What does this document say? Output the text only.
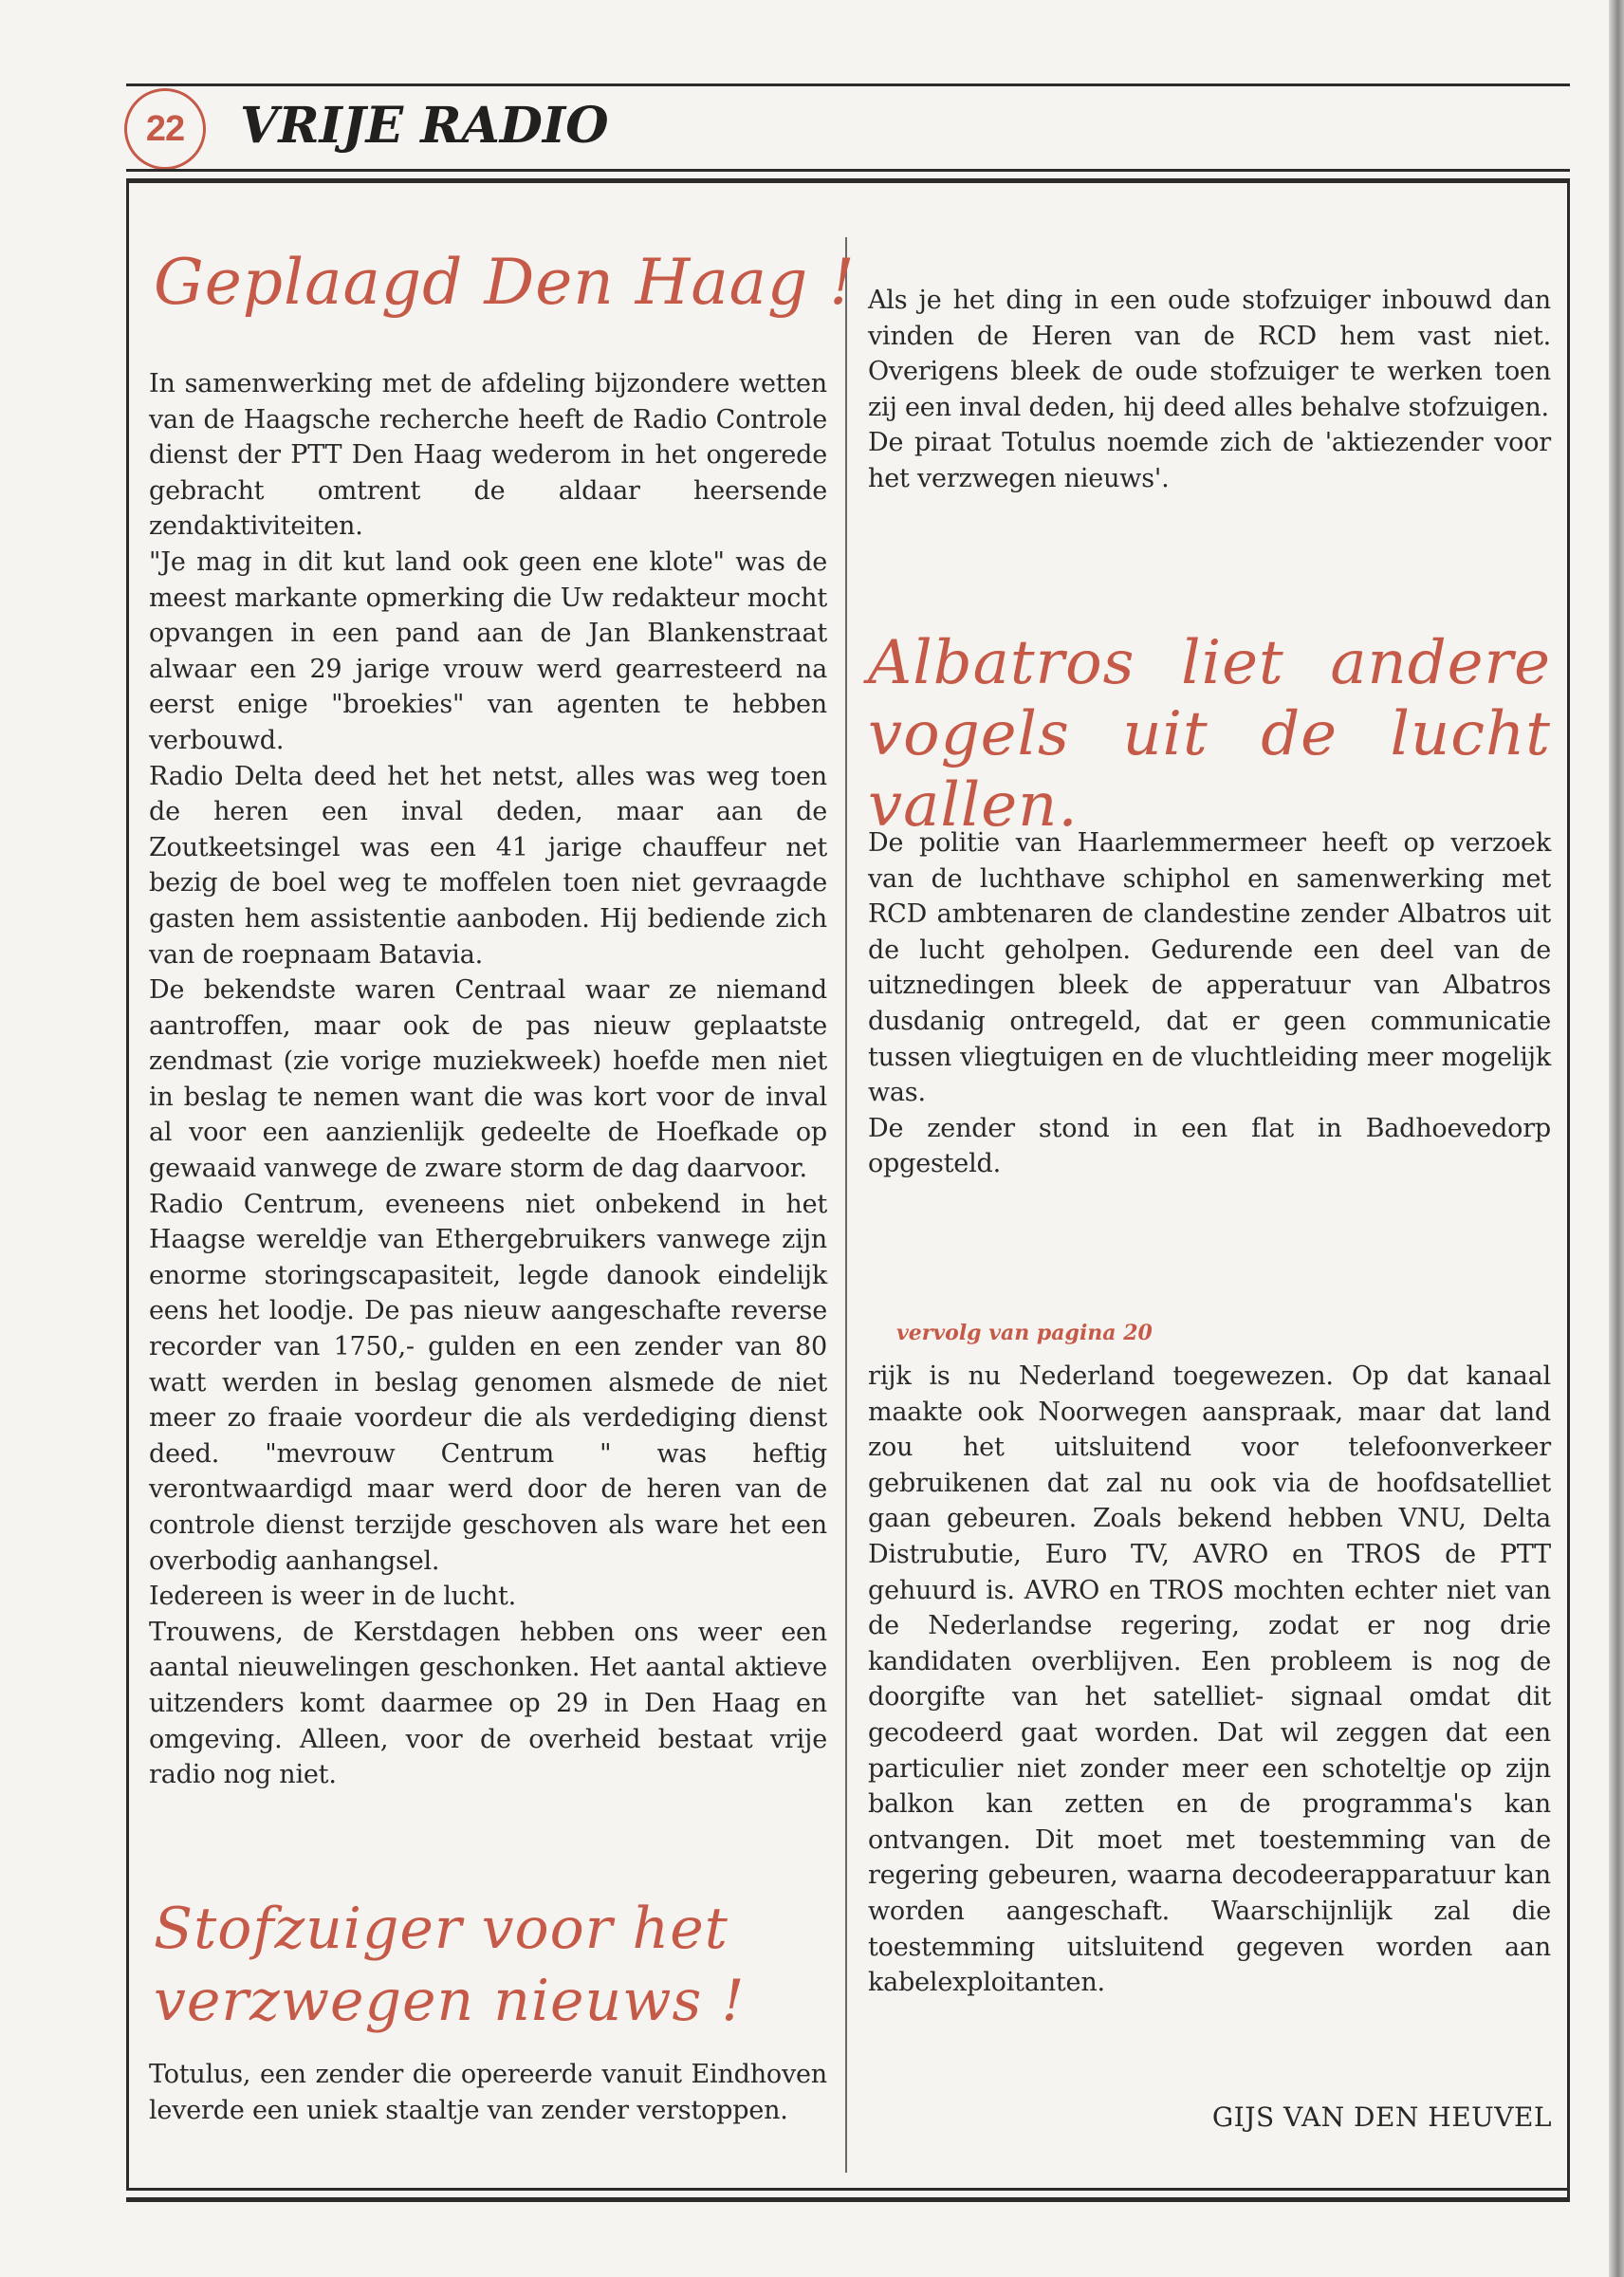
22	VRIJE RADIO
Geplaagd Den Haag !

In samenwerking met de afdeling bijzondere wetten van de Haagsche recherche heeft de Radio Controle dienst der PTT Den Haag wederom in het ongerede gebracht omtrent de aldaar heersende zendaktiviteiten.

"Je mag in dit kut land ook geen ene klote" was de meest markante opmerking die Uw redakteur mocht opvangen in een pand aan de Jan Blankenstraat alwaar een 29 jarige vrouw werd gearresteerd na eerst enige "broekies" van agenten te hebben verbouwd.

Radio Delta deed het het netst, alles was weg toen de heren een inval deden, maar aan de Zoutkeetsingel was een 41 jarige chauffeur net bezig de boel weg te moffelen toen niet gevraagde gasten hem assistentie aanboden. Hij bediende zich van de roepnaam Batavia.

De bekendste waren Centraal waar ze niemand aantroffen, maar ook de pas nieuw geplaatste zendmast (zie vorige muziekweek) hoefde men niet in beslag te nemen want die was kort voor de inval al voor een aanzienlijk gedeelte de Hoefkade op gewaaid vanwege de zware storm de dag daarvoor.

Radio Centrum, eveneens niet onbekend in het Haagse wereldje van Ethergebruikers vanwege zijn enorme storingscapasiteit, legde danook eindelijk eens het loodje. De pas nieuw aangeschafte reverse recorder van 1750,- gulden en een zender van 80 watt werden in beslag genomen alsmede de niet meer zo fraaie voordeur die als verdediging dienst deed. "mevrouw Centrum " was heftig verontwaardigd maar werd door de heren van de controle dienst terzijde geschoven als ware het een overbodig aanhangsel.

Iedereen is weer in de lucht.

Trouwens, de Kerstdagen hebben ons weer een aantal nieuwelingen geschonken. Het aantal aktieve uitzenders komt daarmee op 29 in Den Haag en omgeving. Alleen, voor de overheid bestaat vrije radio nog niet.

Stofzuiger voor het verzwegen nieuws !

Totulus, een zender die opereerde vanuit Eindhoven leverde een uniek staaltje van zender verstoppen.

Als je het ding in een oude stofzuiger inbouwd dan vinden de Heren van de RCD hem vast niet. Overigens bleek de oude stofzuiger te werken toen zij een inval deden, hij deed alles behalve stofzuigen.

De piraat Totulus noemde zich de 'aktiezender voor het verzwegen nieuws'.

Albatros liet andere vogels uit de lucht vallen.

De politie van Haarlemmermeer heeft op verzoek van de luchthave schiphol en samenwerking met RCD ambtenaren de clandestine zender Albatros uit de lucht geholpen. Gedurende een deel van de uitznedingen bleek de apperatuur van Albatros dusdanig ontregeld, dat er geen communicatie tussen vliegtuigen en de vluchtleiding meer mogelijk was.

De zender stond in een flat in Badhoevedorp opgesteld.

vervolg van pagina 20

rijk is nu Nederland toegewezen. Op dat kanaal maakte ook Noorwegen aanspraak, maar dat land zou het uitsluitend voor telefoonverkeer gebruikenen dat zal nu ook via de hoofdsatelliet gaan gebeuren. Zoals bekend hebben VNU, Delta Distrubutie, Euro TV, AVRO en TROS de PTT gehuurd is. AVRO en TROS mochten echter niet van de Nederlandse regering, zodat er nog drie kandidaten overblijven. Een probleem is nog de doorgifte van het satelliet- signaal omdat dit gecodeerd gaat worden. Dat wil zeggen dat een particulier niet zonder meer een schoteltje op zijn balkon kan zetten en de programma's kan ontvangen. Dit moet met toestemming van de regering gebeuren, waarna decodeerapparatuur kan worden aangeschaft. Waarschijnlijk zal die toestemming uitsluitend gegeven worden aan kabelexploitanten.

GIJS VAN DEN HEUVEL
